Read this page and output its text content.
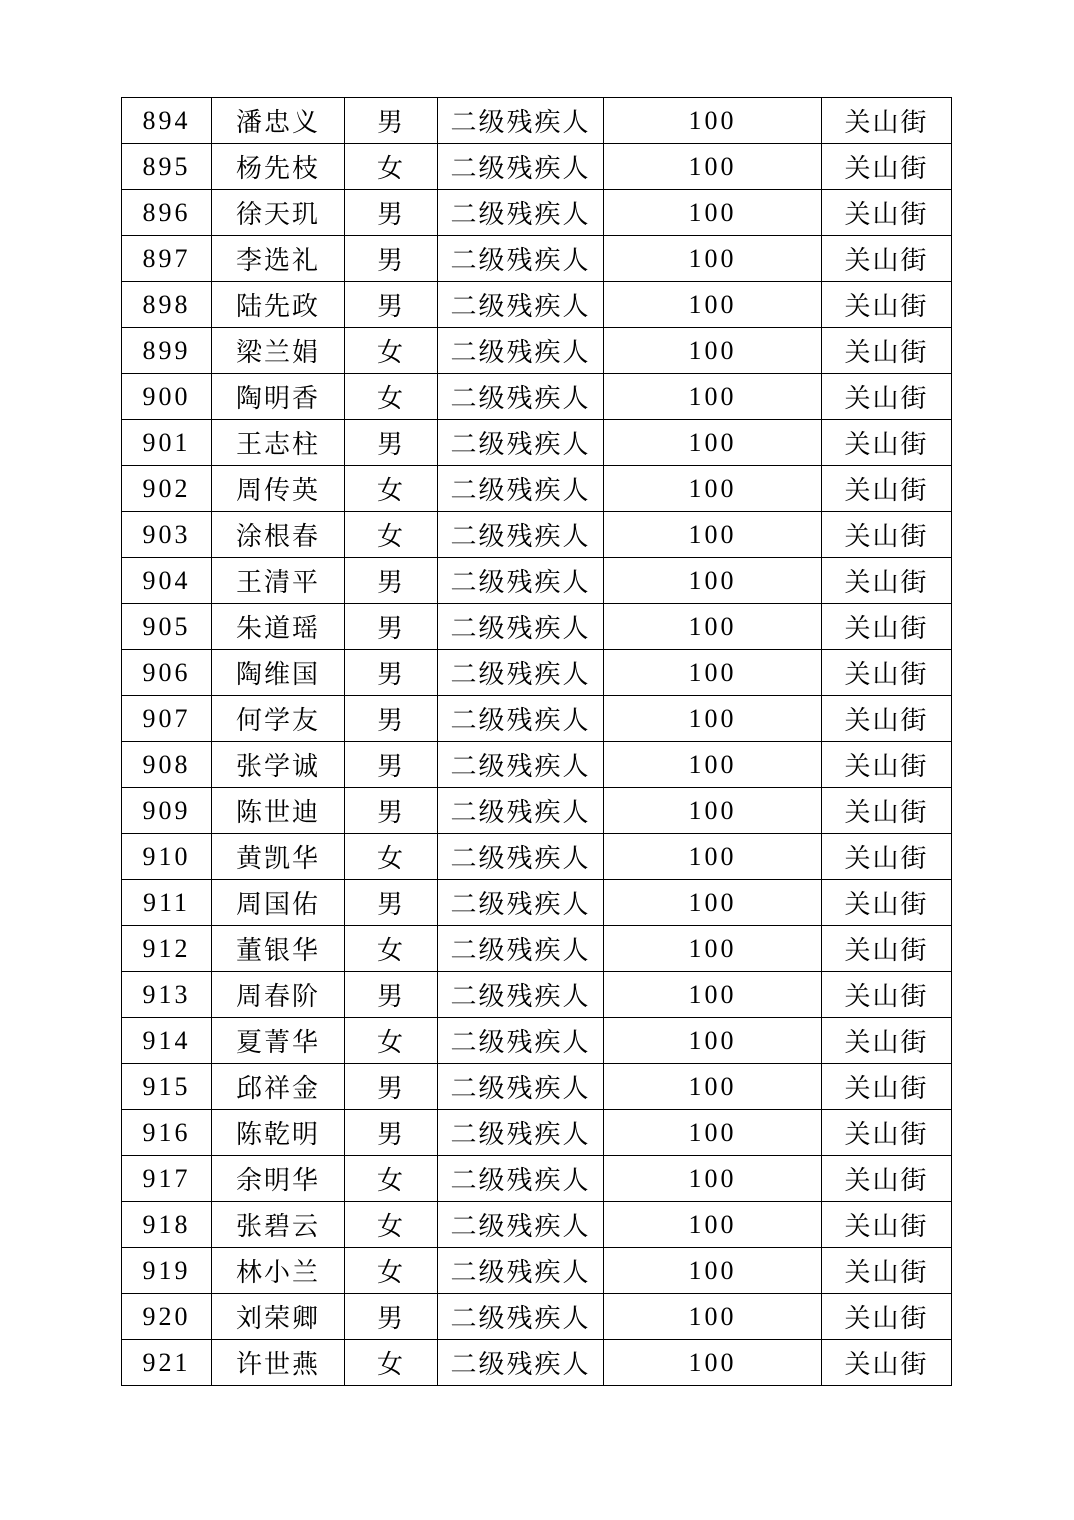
894	潘忠义	男	二级残疾人	100	关山街
895	杨先枝	女	二级残疾人	100	关山街
896	徐天玑	男	二级残疾人	100	关山街
897	李选礼	男	二级残疾人	100	关山街
898	陆先政	男	二级残疾人	100	关山街
899	梁兰娟	女	二级残疾人	100	关山街
900	陶明香	女	二级残疾人	100	关山街
901	王志柱	男	二级残疾人	100	关山街
902	周传英	女	二级残疾人	100	关山街
903	涂根春	女	二级残疾人	100	关山街
904	王清平	男	二级残疾人	100	关山街
905	朱道瑶	男	二级残疾人	100	关山街
906	陶维国	男	二级残疾人	100	关山街
907	何学友	男	二级残疾人	100	关山街
908	张学诚	男	二级残疾人	100	关山街
909	陈世迪	男	二级残疾人	100	关山街
910	黄凯华	女	二级残疾人	100	关山街
911	周国佑	男	二级残疾人	100	关山街
912	董银华	女	二级残疾人	100	关山街
913	周春阶	男	二级残疾人	100	关山街
914	夏菁华	女	二级残疾人	100	关山街
915	邱祥金	男	二级残疾人	100	关山街
916	陈乾明	男	二级残疾人	100	关山街
917	余明华	女	二级残疾人	100	关山街
918	张碧云	女	二级残疾人	100	关山街
919	林小兰	女	二级残疾人	100	关山街
920	刘荣卿	男	二级残疾人	100	关山街
921	许世燕	女	二级残疾人	100	关山街
